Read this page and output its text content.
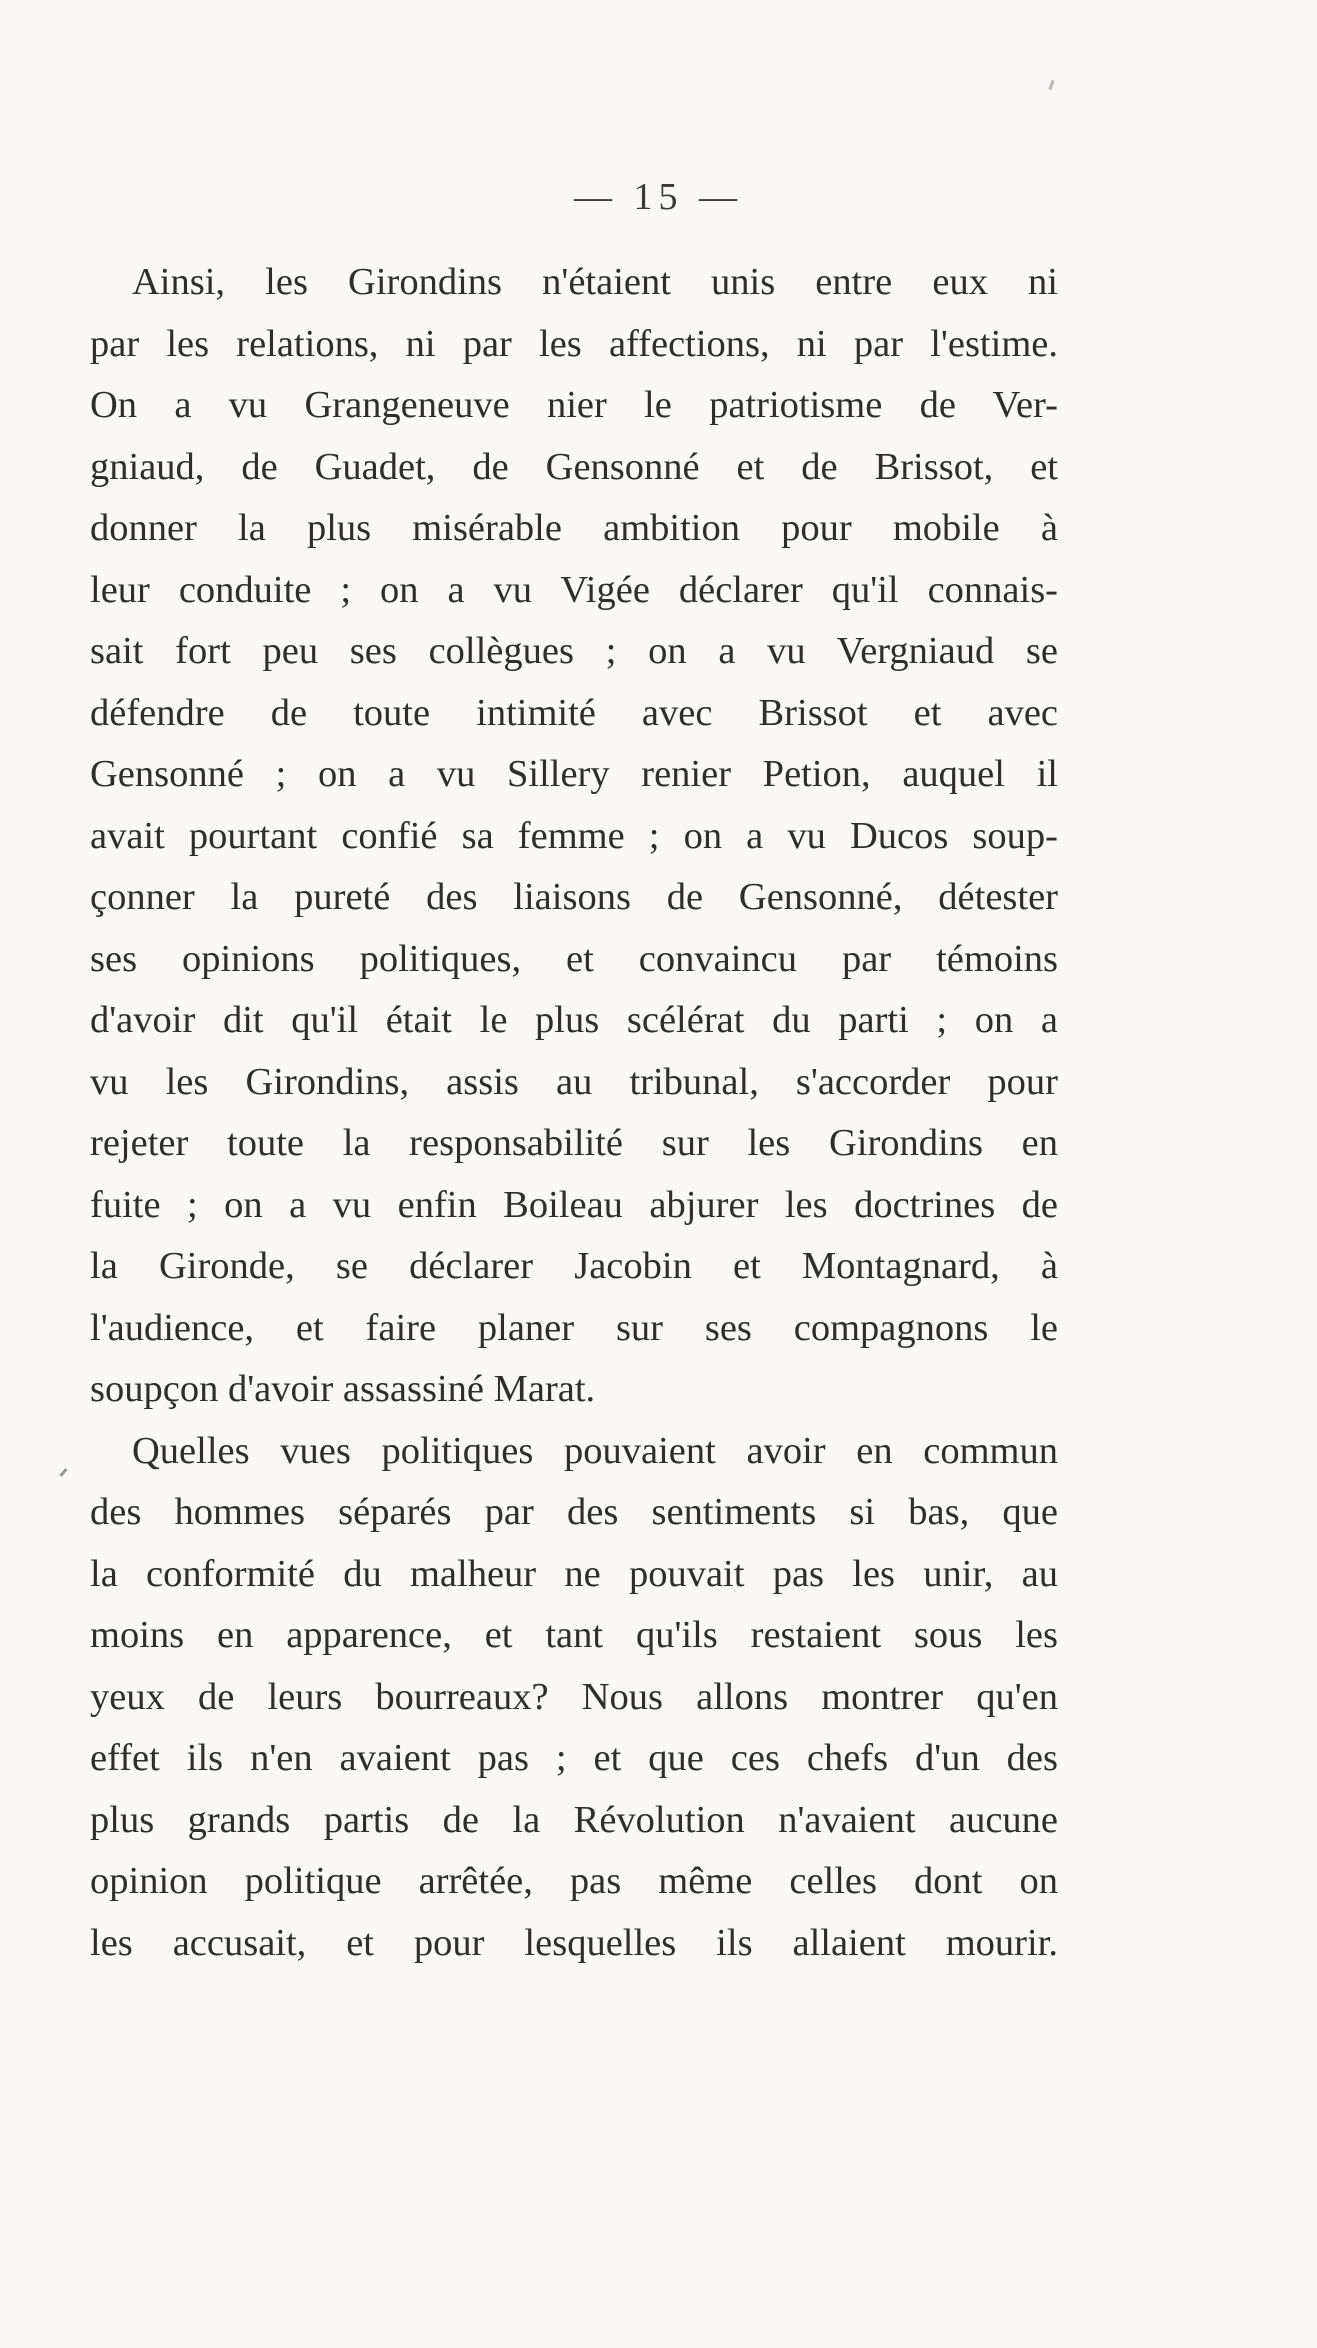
— 15 —
Ainsi, les Girondins n'étaient unis entre eux ni
par les relations, ni par les affections, ni par l'estime.
On a vu Grangeneuve nier le patriotisme de Ver-
gniaud, de Guadet, de Gensonné et de Brissot, et
donner la plus misérable ambition pour mobile à
leur conduite ; on a vu Vigée déclarer qu'il connais-
sait fort peu ses collègues ; on a vu Vergniaud se
défendre de toute intimité avec Brissot et avec
Gensonné ; on a vu Sillery renier Petion, auquel il
avait pourtant confié sa femme ; on a vu Ducos soup-
çonner la pureté des liaisons de Gensonné, détester
ses opinions politiques, et convaincu par témoins
d'avoir dit qu'il était le plus scélérat du parti ; on a
vu les Girondins, assis au tribunal, s'accorder pour
rejeter toute la responsabilité sur les Girondins en
fuite ; on a vu enfin Boileau abjurer les doctrines de
la Gironde, se déclarer Jacobin et Montagnard, à
l'audience, et faire planer sur ses compagnons le
soupçon d'avoir assassiné Marat.
Quelles vues politiques pouvaient avoir en commun
des hommes séparés par des sentiments si bas, que
la conformité du malheur ne pouvait pas les unir, au
moins en apparence, et tant qu'ils restaient sous les
yeux de leurs bourreaux? Nous allons montrer qu'en
effet ils n'en avaient pas ; et que ces chefs d'un des
plus grands partis de la Révolution n'avaient aucune
opinion politique arrêtée, pas même celles dont on
les accusait, et pour lesquelles ils allaient mourir.
